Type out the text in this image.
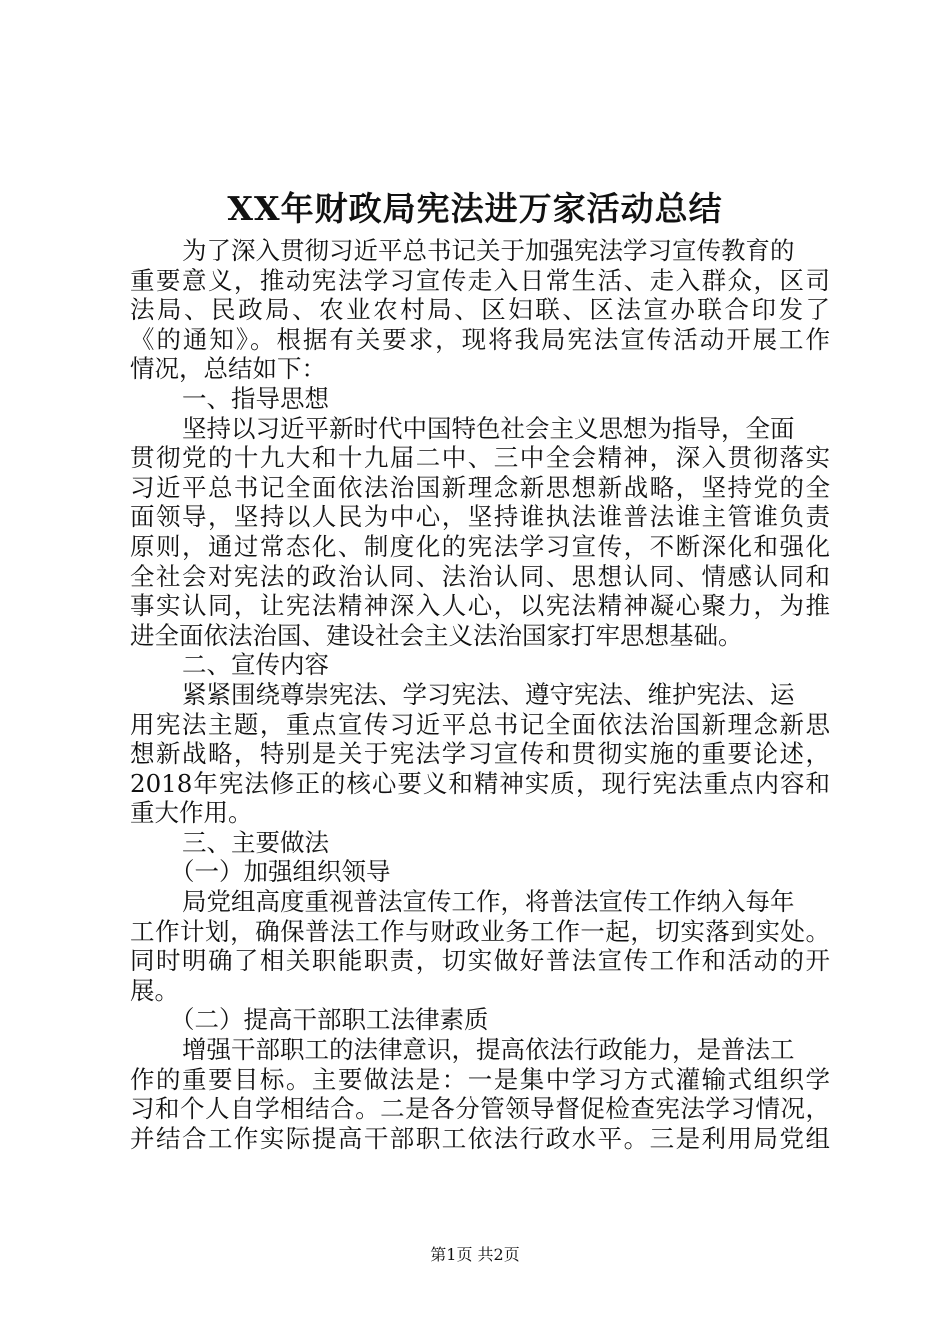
XX年财政局宪法进万家活动总结
为了深入贯彻习近平总书记关于加强宪法学习宣传教育的
重要意义，推动宪法学习宣传走入日常生活、走入群众，区司
法局、民政局、农业农村局、区妇联、区法宣办联合印发了
《的通知》。根据有关要求，现将我局宪法宣传活动开展工作
情况，总结如下：
一、指导思想
坚持以习近平新时代中国特色社会主义思想为指导，全面
贯彻党的十九大和十九届二中、三中全会精神，深入贯彻落实
习近平总书记全面依法治国新理念新思想新战略，坚持党的全
面领导，坚持以人民为中心，坚持谁执法谁普法谁主管谁负责
原则，通过常态化、制度化的宪法学习宣传，不断深化和强化
全社会对宪法的政治认同、法治认同、思想认同、情感认同和
事实认同，让宪法精神深入人心，以宪法精神凝心聚力，为推
进全面依法治国、建设社会主义法治国家打牢思想基础。
二、宣传内容
紧紧围绕尊崇宪法、学习宪法、遵守宪法、维护宪法、运
用宪法主题，重点宣传习近平总书记全面依法治国新理念新思
想新战略，特别是关于宪法学习宣传和贯彻实施的重要论述，
2018年宪法修正的核心要义和精神实质，现行宪法重点内容和
重大作用。
三、主要做法
（一）加强组织领导
局党组高度重视普法宣传工作，将普法宣传工作纳入每年
工作计划，确保普法工作与财政业务工作一起，切实落到实处。
同时明确了相关职能职责，切实做好普法宣传工作和活动的开
展。
（二）提高干部职工法律素质
增强干部职工的法律意识，提高依法行政能力，是普法工
作的重要目标。主要做法是：一是集中学习方式灌输式组织学
习和个人自学相结合。二是各分管领导督促检查宪法学习情况，
并结合工作实际提高干部职工依法行政水平。三是利用局党组
第1页 共2页
